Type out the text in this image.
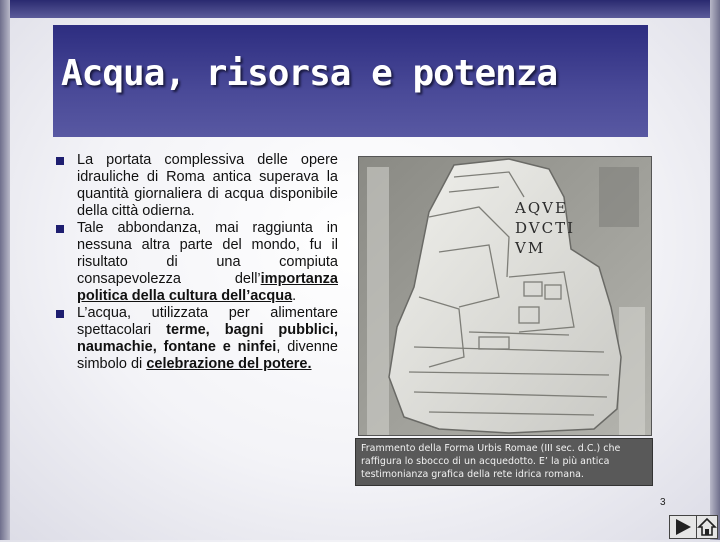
Acqua, risorsa e potenza

La portata complessiva delle opere idrauliche di Roma antica superava la quantità giornaliera di acqua disponibile della città odierna.

Tale abbondanza, mai raggiunta in nessuna altra parte del mondo, fu il risultato di una compiuta consapevolezza dell’importanza politica della cultura dell’acqua.

L’acqua, utilizzata per alimentare spettacolari terme, bagni pubblici, naumachie, fontane e ninfei, divenne simbolo di celebrazione del potere.

AQVE
DVCTI
VM
Frammento della Forma Urbis Romae (III sec. d.C.) che raffigura lo sbocco di un acquedotto. E’ la più antica testimonianza grafica della rete idrica romana.
3
